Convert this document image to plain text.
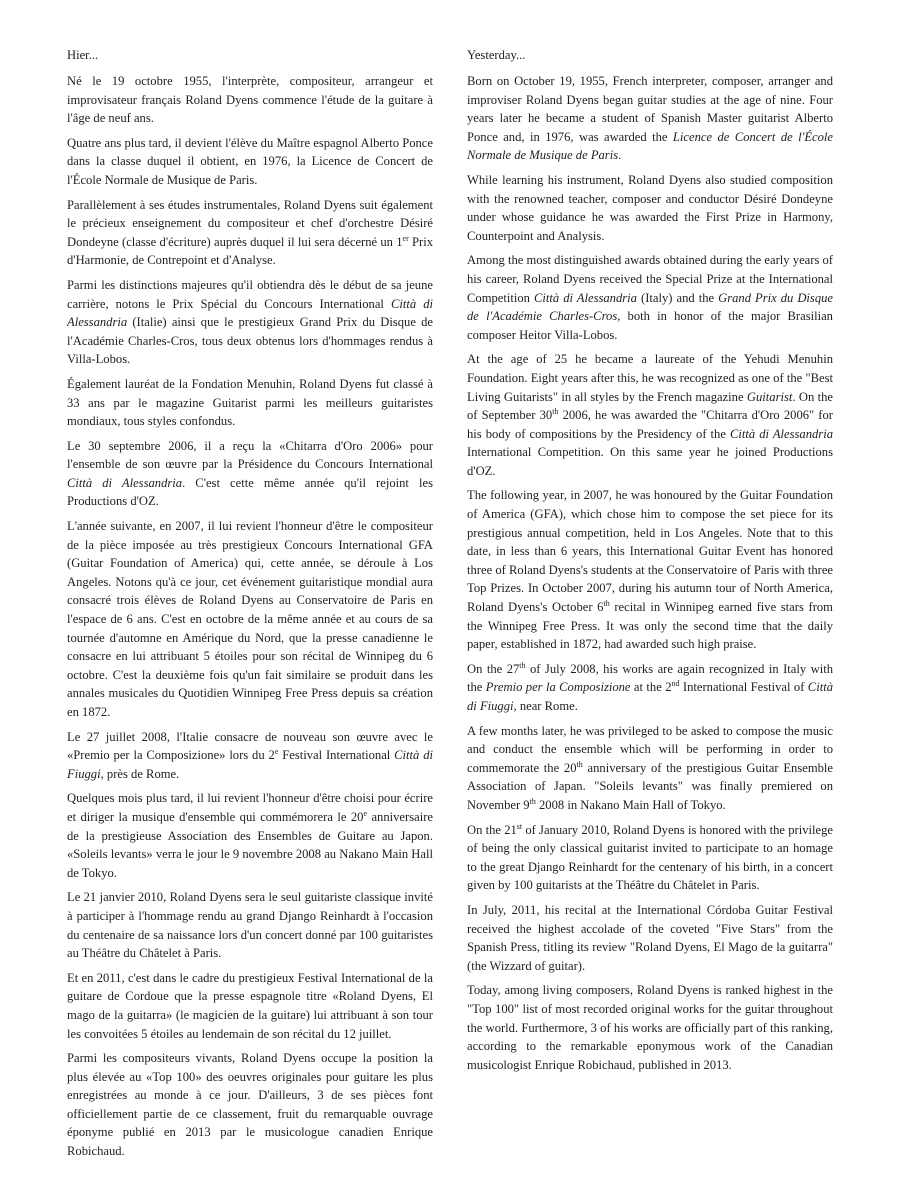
Hier...

Né le 19 octobre 1955, l'interprète, compositeur, arrangeur et improvisateur français Roland Dyens commence l'étude de la guitare à l'âge de neuf ans.

Quatre ans plus tard, il devient l'élève du Maître espagnol Alberto Ponce dans la classe duquel il obtient, en 1976, la Licence de Concert de l'École Normale de Musique de Paris.

Parallèlement à ses études instrumentales, Roland Dyens suit également le précieux enseignement du compositeur et chef d'orchestre Désiré Dondeyne (classe d'écriture) auprès duquel il lui sera décerné un 1er Prix d'Harmonie, de Contrepoint et d'Analyse.

Parmi les distinctions majeures qu'il obtiendra dès le début de sa jeune carrière, notons le Prix Spécial du Concours International Città di Alessandria (Italie) ainsi que le prestigieux Grand Prix du Disque de l'Académie Charles-Cros, tous deux obtenus lors d'hommages rendus à Villa-Lobos.

Également lauréat de la Fondation Menuhin, Roland Dyens fut classé à 33 ans par le magazine Guitarist parmi les meilleurs guitaristes mondiaux, tous styles confondus.

Le 30 septembre 2006, il a reçu la «Chitarra d'Oro 2006» pour l'ensemble de son œuvre par la Présidence du Concours International Città di Alessandria. C'est cette même année qu'il rejoint les Productions d'OZ.

L'année suivante, en 2007, il lui revient l'honneur d'être le compositeur de la pièce imposée au très prestigieux Concours International GFA (Guitar Foundation of America) qui, cette année, se déroule à Los Angeles. Notons qu'à ce jour, cet événement guitaristique mondial aura consacré trois élèves de Roland Dyens au Conservatoire de Paris en l'espace de 6 ans. C'est en octobre de la même année et au cours de sa tournée d'automne en Amérique du Nord, que la presse canadienne le consacre en lui attribuant 5 étoiles pour son récital de Winnipeg du 6 octobre. C'est la deuxième fois qu'un fait similaire se produit dans les annales musicales du Quotidien Winnipeg Free Press depuis sa création en 1872.

Le 27 juillet 2008, l'Italie consacre de nouveau son œuvre avec le «Premio per la Composizione» lors du 2e Festival International Città di Fiuggi, près de Rome.

Quelques mois plus tard, il lui revient l'honneur d'être choisi pour écrire et diriger la musique d'ensemble qui commémorera le 20e anniversaire de la prestigieuse Association des Ensembles de Guitare au Japon. «Soleils levants» verra le jour le 9 novembre 2008 au Nakano Main Hall de Tokyo.

Le 21 janvier 2010, Roland Dyens sera le seul guitariste classique invité à participer à l'hommage rendu au grand Django Reinhardt à l'occasion du centenaire de sa naissance lors d'un concert donné par 100 guitaristes au Théâtre du Châtelet à Paris.

Et en 2011, c'est dans le cadre du prestigieux Festival International de la guitare de Cordoue que la presse espagnole titre «Roland Dyens, El mago de la guitarra» (le magicien de la guitare) lui attribuant à son tour les convoitées 5 étoiles au lendemain de son récital du 12 juillet.

Parmi les compositeurs vivants, Roland Dyens occupe la position la plus élevée au «Top 100» des oeuvres originales pour guitare les plus enregistrées au monde à ce jour. D'ailleurs, 3 de ses pièces font officiellement partie de ce classement, fruit du remarquable ouvrage éponyme publié en 2013 par le musicologue canadien Enrique Robichaud.

Yesterday...

Born on October 19, 1955, French interpreter, composer, arranger and improviser Roland Dyens began guitar studies at the age of nine. Four years later he became a student of Spanish Master guitarist Alberto Ponce and, in 1976, was awarded the Licence de Concert de l'École Normale de Musique de Paris.

While learning his instrument, Roland Dyens also studied composition with the renowned teacher, composer and conductor Désiré Dondeyne under whose guidance he was awarded the First Prize in Harmony, Counterpoint and Analysis.

Among the most distinguished awards obtained during the early years of his career, Roland Dyens received the Special Prize at the International Competition Città di Alessandria (Italy) and the Grand Prix du Disque de l'Académie Charles-Cros, both in honor of the major Brasilian composer Heitor Villa-Lobos.

At the age of 25 he became a laureate of the Yehudi Menuhin Foundation. Eight years after this, he was recognized as one of the "Best Living Guitarists" in all styles by the French magazine Guitarist. On the of September 30th 2006, he was awarded the "Chitarra d'Oro 2006" for his body of compositions by the Presidency of the Città di Alessandria International Competition. On this same year he joined Productions d'OZ.

The following year, in 2007, he was honoured by the Guitar Foundation of America (GFA), which chose him to compose the set piece for its prestigious annual competition, held in Los Angeles. Note that to this date, in less than 6 years, this International Guitar Event has honored three of Roland Dyens's students at the Conservatoire of Paris with three Top Prizes. In October 2007, during his autumn tour of North America, Roland Dyens's October 6th recital in Winnipeg earned five stars from the Winnipeg Free Press. It was only the second time that the daily paper, established in 1872, had awarded such high praise.

On the 27th of July 2008, his works are again recognized in Italy with the Premio per la Composizione at the 2nd International Festival of Città di Fiuggi, near Rome.

A few months later, he was privileged to be asked to compose the music and conduct the ensemble which will be performing in order to commemorate the 20th anniversary of the prestigious Guitar Ensemble Association of Japan. "Soleils levants" was finally premiered on November 9th 2008 in Nakano Main Hall of Tokyo.

On the 21st of January 2010, Roland Dyens is honored with the privilege of being the only classical guitarist invited to participate to an homage to the great Django Reinhardt for the centenary of his birth, in a concert given by 100 guitarists at the Théâtre du Châtelet in Paris.

In July, 2011, his recital at the International Córdoba Guitar Festival received the highest accolade of the coveted "Five Stars" from the Spanish Press, titling its review "Roland Dyens, El Mago de la guitarra" (the Wizzard of guitar).

Today, among living composers, Roland Dyens is ranked highest in the "Top 100" list of most recorded original works for the guitar throughout the world. Furthermore, 3 of his works are officially part of this ranking, according to the remarkable eponymous work of the Canadian musicologist Enrique Robichaud, published in 2013.
